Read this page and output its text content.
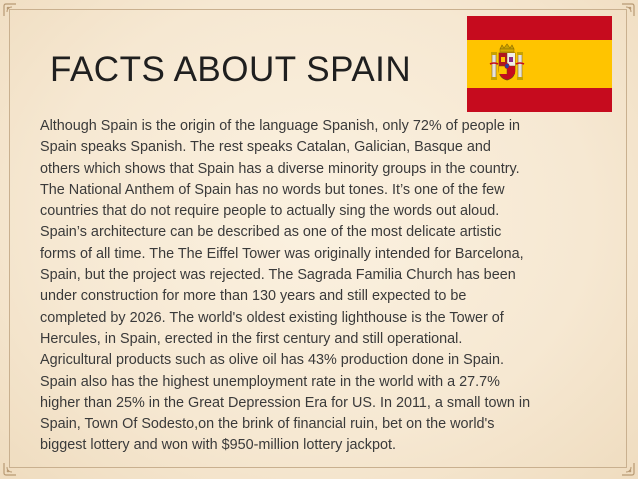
FACTS ABOUT SPAIN

Although Spain is the origin of the language Spanish, only 72% of people in
Spain speaks Spanish. The rest speaks Catalan, Galician, Basque and
others which shows that Spain has a diverse minority groups in the country.
The National Anthem of Spain has no words but tones. It’s one of the few
countries that do not require people to actually sing the words out aloud.
Spain’s architecture can be described as one of the most delicate artistic
forms of all time. The The Eiffel Tower was originally intended for Barcelona,
Spain, but the project was rejected. The Sagrada Familia Church has been
under construction for more than 130 years and still expected to be
completed by 2026. The world's oldest existing lighthouse is the Tower of
Hercules, in Spain, erected in the first century and still operational.
Agricultural products such as olive oil has 43% production done in Spain.
Spain also has the highest unemployment rate in the world with a 27.7%
higher than 25% in the Great Depression Era for US. In 2011, a small town in
Spain, Town Of Sodesto,on the brink of financial ruin, bet on the world's
biggest lottery and won with $950-million lottery jackpot.
